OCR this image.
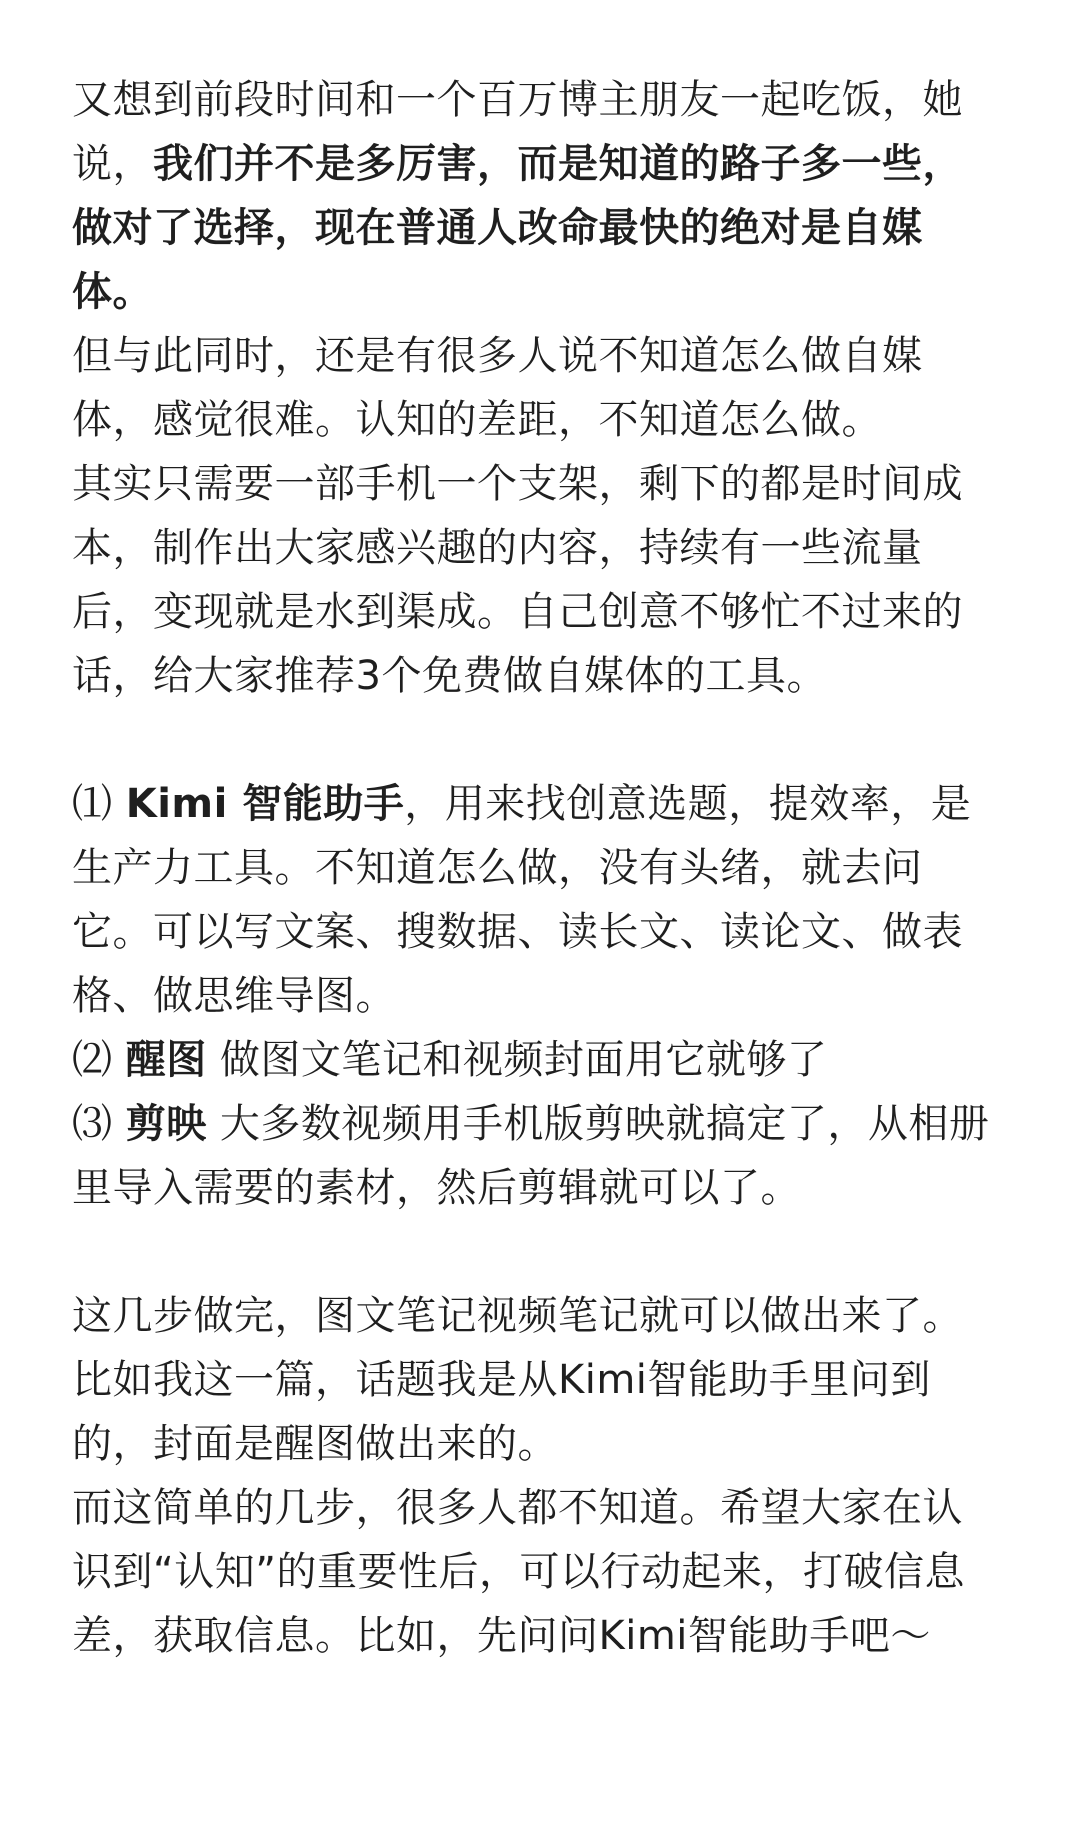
又想到前段时间和一个百万博主朋友一起吃饭，她说，我们并不是多厉害，而是知道的路子多一些，做对了选择，现在普通人改命最快的绝对是自媒体。

但与此同时，还是有很多人说不知道怎么做自媒体，感觉很难。认知的差距，不知道怎么做。

其实只需要一部手机一个支架，剩下的都是时间成本，制作出大家感兴趣的内容，持续有一些流量后，变现就是水到渠成。自己创意不够忙不过来的话，给大家推荐3个免费做自媒体的工具。

⑴ Kimi 智能助手，用来找创意选题，提效率，是生产力工具。不知道怎么做，没有头绪，就去问它。可以写文案、搜数据、读长文、读论文、做表格、做思维导图。

⑵ 醒图 做图文笔记和视频封面用它就够了

⑶ 剪映 大多数视频用手机版剪映就搞定了，从相册里导入需要的素材，然后剪辑就可以了。

这几步做完，图文笔记视频笔记就可以做出来了。比如我这一篇，话题我是从Kimi智能助手里问到的，封面是醒图做出来的。

而这简单的几步，很多人都不知道。希望大家在认识到“认知”的重要性后，可以行动起来，打破信息差，获取信息。比如，先问问Kimi智能助手吧～
